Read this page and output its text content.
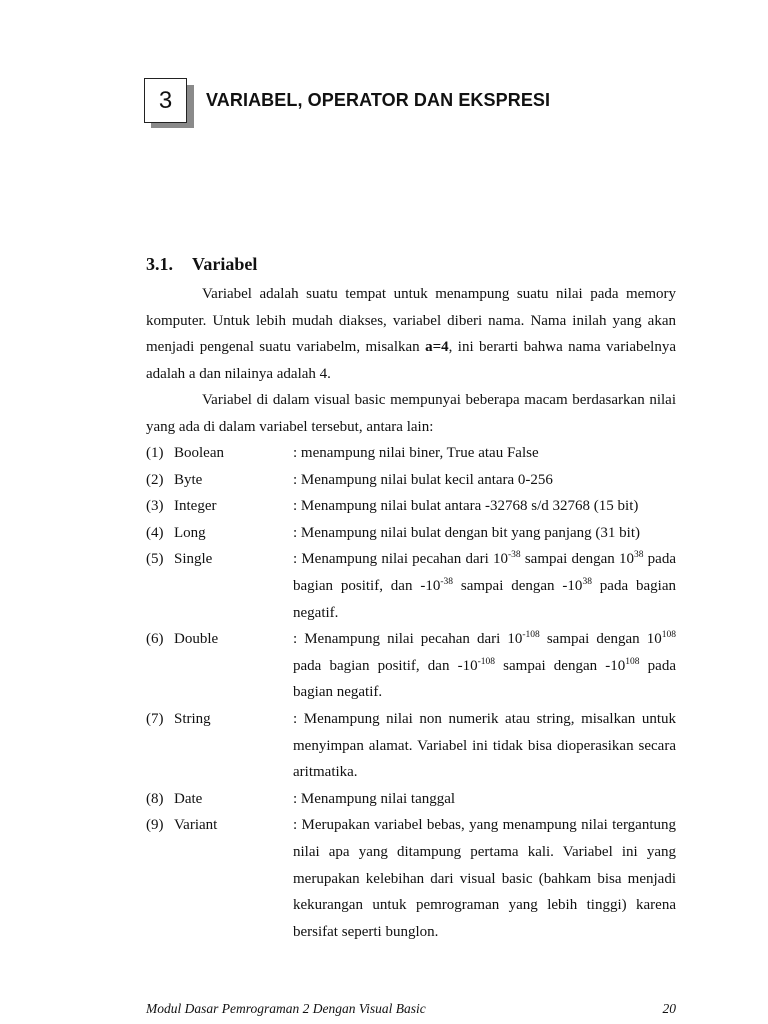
3	VARIABEL, OPERATOR DAN EKSPRESI
3.1. Variabel
Variabel adalah suatu tempat untuk menampung suatu nilai pada memory komputer. Untuk lebih mudah diakses, variabel diberi nama. Nama inilah yang akan menjadi pengenal suatu variabelm, misalkan a=4, ini berarti bahwa nama variabelnya adalah a dan nilainya adalah 4.
Variabel di dalam visual basic mempunyai beberapa macam berdasarkan nilai yang ada di dalam variabel tersebut, antara lain:
(1) Boolean	: menampung nilai biner, True atau False
(2) Byte	: Menampung nilai bulat kecil antara 0-256
(3) Integer	: Menampung nilai bulat antara -32768 s/d 32768 (15 bit)
(4) Long	: Menampung nilai bulat dengan bit yang panjang (31 bit)
(5) Single	: Menampung nilai pecahan dari $10^{-38}$ sampai dengan $10^{38}$ pada bagian positif, dan $-10^{-38}$ sampai dengan $-10^{38}$ pada bagian negatif.
(6) Double	: Menampung nilai pecahan dari $10^{-108}$ sampai dengan $10^{108}$ pada bagian positif, dan $-10^{-108}$ sampai dengan $-10^{108}$ pada bagian negatif.
(7) String	: Menampung nilai non numerik atau string, misalkan untuk menyimpan alamat. Variabel ini tidak bisa dioperasikan secara aritmatika.
(8) Date	: Menampung nilai tanggal
(9) Variant	: Merupakan variabel bebas, yang menampung nilai tergantung nilai apa yang ditampung pertama kali. Variabel ini yang merupakan kelebihan dari visual basic (bahkam bisa menjadi kekurangan untuk pemrograman yang lebih tinggi) karena bersifat seperti bunglon.
Modul Dasar Pemrograman 2 Dengan Visual Basic	20
